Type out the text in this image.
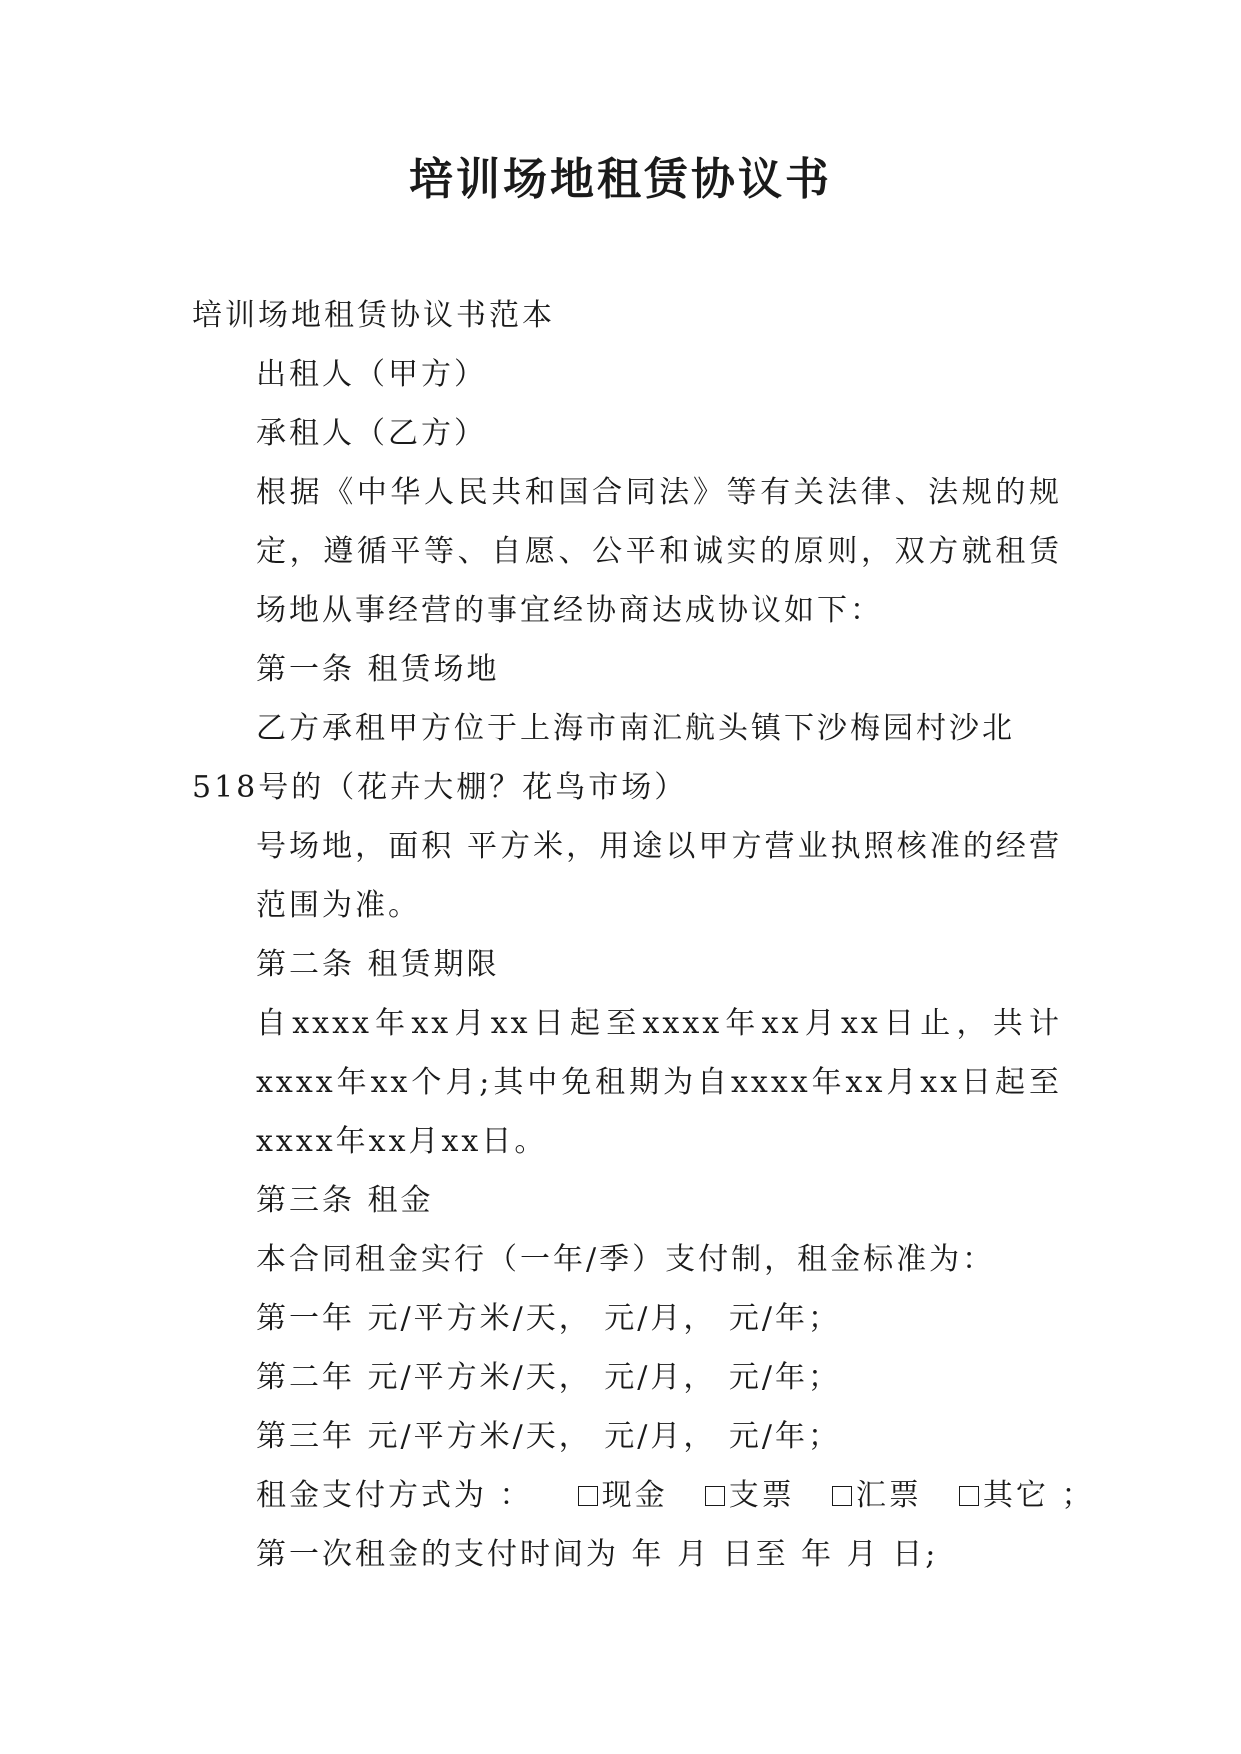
培训场地租赁协议书

培训场地租赁协议书范本

出租人（甲方）

承租人（乙方）

根据《中华人民共和国合同法》等有关法律、法规的规定，遵循平等、自愿、公平和诚实的原则，双方就租赁场地从事经营的事宜经协商达成协议如下：

第一条 租赁场地

乙方承租甲方位于上海市南汇航头镇下沙梅园村沙北

518号的（花卉大棚？花鸟市场）

号场地，面积 平方米，用途以甲方营业执照核准的经营范围为准。

第二条 租赁期限

自xxxx年xx月xx日起至xxxx年xx月xx日止，共计xxxx年xx个月;其中免租期为自xxxx年xx月xx日起至xxxx年xx月xx日。

第三条 租金

本合同租金实行（一年/季）支付制，租金标准为：

第一年 元/平方米/天， 元/月， 元/年；

第二年 元/平方米/天， 元/月， 元/年；

第三年 元/平方米/天， 元/月， 元/年；

租金支付方式为 ： 现金 支票 汇票 其它 ；

第一次租金的支付时间为 年 月 日至 年 月 日;
